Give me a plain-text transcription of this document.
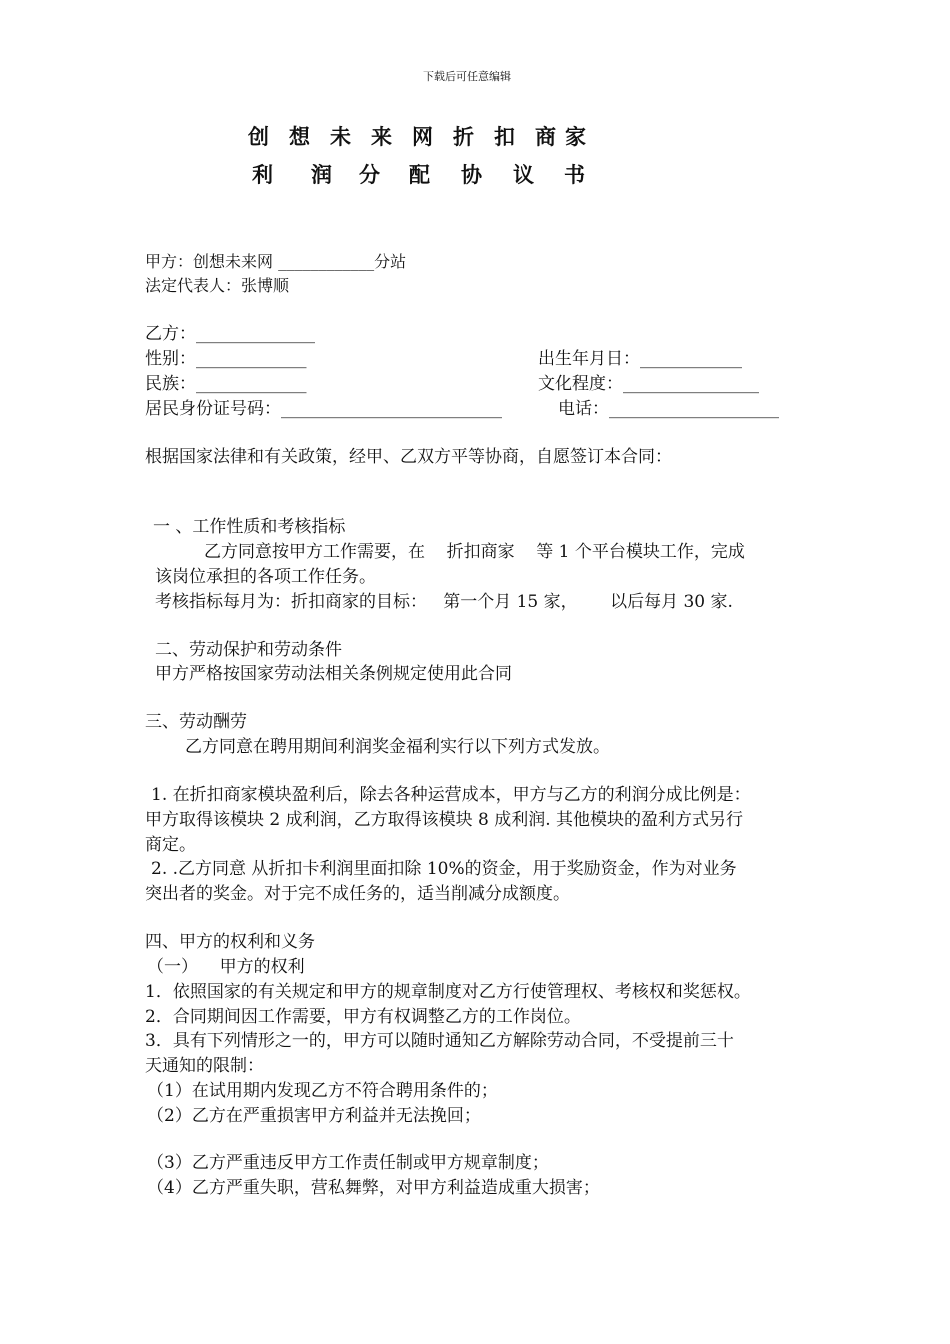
下载后可任意编辑
创 想 未 来 网 折 扣 商 家
利 润 分 配 协 议 书
甲方：创想未来网 ____________分站
法定代表人：张博顺
乙方：______________
性别：_____________	出生年月日：____________
民族：_____________	文化程度：________________
居民身份证号码：__________________________	电话：____________________
根据国家法律和有关政策，经甲、乙双方平等协商，自愿签订本合同：
一 、工作性质和考核指标
乙方同意按甲方工作需要，在    折扣商家    等 1 个平台模块工作，完成
该岗位承担的各项工作任务。
考核指标每月为：折扣商家的目标：   第一个月 15 家，      以后每月 30 家.
二、劳动保护和劳动条件
甲方严格按国家劳动法相关条例规定使用此合同
三、劳动酬劳
乙方同意在聘用期间利润奖金福利实行以下列方式发放。
1. 在折扣商家模块盈利后，除去各种运营成本，甲方与乙方的利润分成比例是：
甲方取得该模块 2 成利润，乙方取得该模块 8 成利润. 其他模块的盈利方式另行
商定。
2. .乙方同意 从折扣卡利润里面扣除 10%的资金，用于奖励资金，作为对业务
突出者的奖金。对于完不成任务的，适当削减分成额度。
四、甲方的权利和义务
（一）    甲方的权利
1．依照国家的有关规定和甲方的规章制度对乙方行使管理权、考核权和奖惩权。
2．合同期间因工作需要，甲方有权调整乙方的工作岗位。
3．具有下列情形之一的，甲方可以随时通知乙方解除劳动合同，不受提前三十
天通知的限制：
（1）在试用期内发现乙方不符合聘用条件的；
（2）乙方在严重损害甲方利益并无法挽回；
（3）乙方严重违反甲方工作责任制或甲方规章制度；
（4）乙方严重失职，营私舞弊，对甲方利益造成重大损害；
